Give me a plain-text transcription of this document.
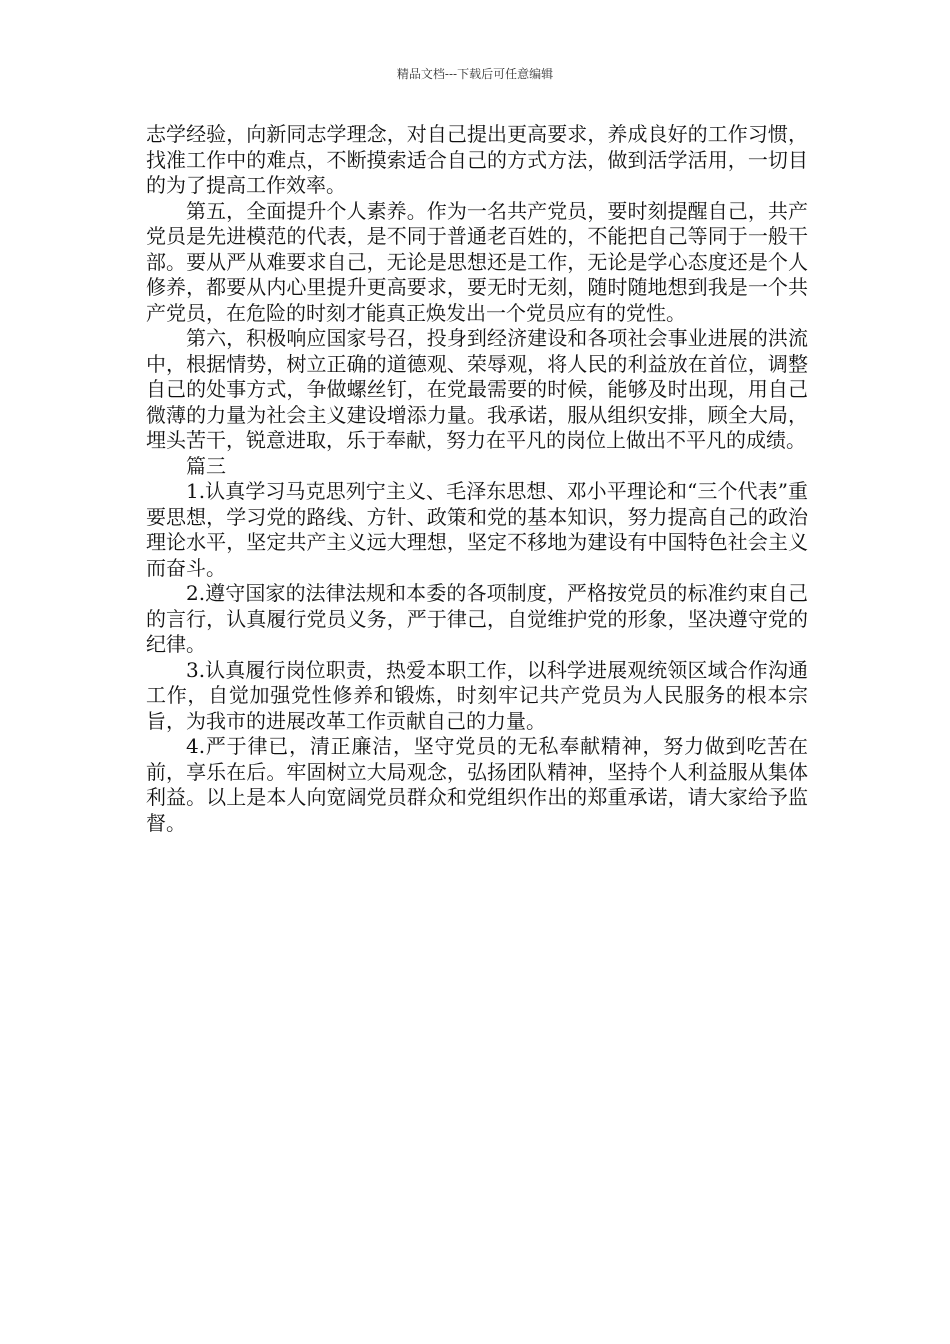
精品文档---下载后可任意编辑

志学经验，向新同志学理念，对自己提出更高要求，养成良好的工作习惯，找准工作中的难点，不断摸索适合自己的方式方法，做到活学活用，一切目的为了提高工作效率。

第五，全面提升个人素养。作为一名共产党员，要时刻提醒自己，共产党员是先进模范的代表，是不同于普通老百姓的，不能把自己等同于一般干部。要从严从难要求自己，无论是思想还是工作，无论是学心态度还是个人修养，都要从内心里提升更高要求，要无时无刻，随时随地想到我是一个共产党员，在危险的时刻才能真正焕发出一个党员应有的党性。

第六，积极响应国家号召，投身到经济建设和各项社会事业进展的洪流中，根据情势，树立正确的道德观、荣辱观，将人民的利益放在首位，调整自己的处事方式，争做螺丝钉，在党最需要的时候，能够及时出现，用自己微薄的力量为社会主义建设增添力量。我承诺，服从组织安排，顾全大局，埋头苦干，锐意进取，乐于奉献，努力在平凡的岗位上做出不平凡的成绩。

篇三

1.认真学习马克思列宁主义、毛泽东思想、邓小平理论和“三个代表”重要思想，学习党的路线、方针、政策和党的基本知识，努力提高自己的政治理论水平，坚定共产主义远大理想，坚定不移地为建设有中国特色社会主义而奋斗。

2.遵守国家的法律法规和本委的各项制度，严格按党员的标准约束自己的言行，认真履行党员义务，严于律己，自觉维护党的形象，坚决遵守党的纪律。

3.认真履行岗位职责，热爱本职工作，以科学进展观统领区域合作沟通工作，自觉加强党性修养和锻炼，时刻牢记共产党员为人民服务的根本宗旨，为我市的进展改革工作贡献自己的力量。

4.严于律已，清正廉洁，坚守党员的无私奉献精神，努力做到吃苦在前，享乐在后。牢固树立大局观念，弘扬团队精神，坚持个人利益服从集体利益。以上是本人向宽阔党员群众和党组织作出的郑重承诺，请大家给予监督。
